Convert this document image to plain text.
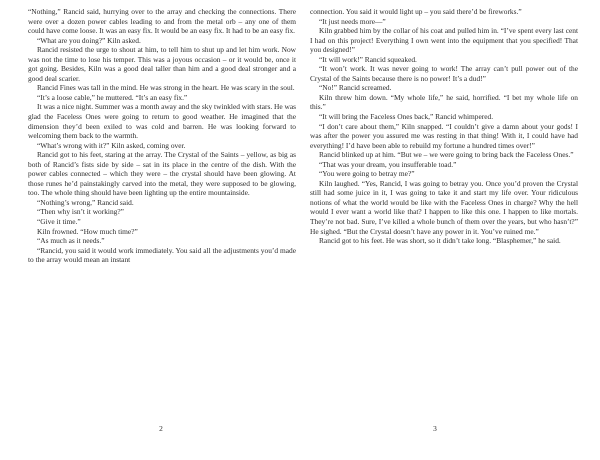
“Nothing,” Rancid said, hurrying over to the array and checking the connections. There were over a dozen power cables leading to and from the metal orb – any one of them could have come loose. It was an easy fix. It would be an easy fix. It had to be an easy fix.

“What are you doing?” Kiln asked.

Rancid resisted the urge to shout at him, to tell him to shut up and let him work. Now was not the time to lose his temper. This was a joyous occasion – or it would be, once it got going. Besides, Kiln was a good deal taller than him and a good deal stronger and a good deal scarier.

Rancid Fines was tall in the mind. He was strong in the heart. He was scary in the soul.

“It’s a loose cable,” he muttered. “It’s an easy fix.”

It was a nice night. Summer was a month away and the sky twinkled with stars. He was glad the Faceless Ones were going to return to good weather. He imagined that the dimension they’d been exiled to was cold and barren. He was looking forward to welcoming them back to the warmth.

“What’s wrong with it?” Kiln asked, coming over.

Rancid got to his feet, staring at the array. The Crystal of the Saints – yellow, as big as both of Rancid’s fists side by side – sat in its place in the centre of the dish. With the power cables connected – which they were – the crystal should have been glowing. At those runes he’d painstakingly carved into the metal, they were supposed to be glowing, too. The whole thing should have been lighting up the entire mountainside.

“Nothing’s wrong,” Rancid said.

“Then why isn’t it working?”

“Give it time.”

Kiln frowned. “How much time?”

“As much as it needs.”

“Rancid, you said it would work immediately. You said all the adjustments you’d made to the array would mean an instant

2

connection. You said it would light up – you said there’d be fireworks.”

“It just needs more—”

Kiln grabbed him by the collar of his coat and pulled him in. “I’ve spent every last cent I had on this project! Everything I own went into the equipment that you specified! That you designed!”

“It will work!” Rancid squeaked.

“It won’t work. It was never going to work! The array can’t pull power out of the Crystal of the Saints because there is no power! It’s a dud!”

“No!” Rancid screamed.

Kiln threw him down. “My whole life,” he said, horrified. “I bet my whole life on this.”

“It will bring the Faceless Ones back,” Rancid whimpered.

“I don’t care about them,” Kiln snapped. “I couldn’t give a damn about your gods! I was after the power you assured me was resting in that thing! With it, I could have had everything! I’d have been able to rebuild my fortune a hundred times over!”

Rancid blinked up at him. “But we – we were going to bring back the Faceless Ones.”

“That was your dream, you insufferable toad.”

“You were going to betray me?”

Kiln laughed. “Yes, Rancid, I was going to betray you. Once you’d proven the Crystal still had some juice in it, I was going to take it and start my life over. Your ridiculous notions of what the world would be like with the Faceless Ones in charge? Why the hell would I ever want a world like that? I happen to like this one. I happen to like mortals. They’re not bad. Sure, I’ve killed a whole bunch of them over the years, but who hasn’t?” He sighed. “But the Crystal doesn’t have any power in it. You’ve ruined me.”

Rancid got to his feet. He was short, so it didn’t take long. “Blasphemer,” he said.

3
